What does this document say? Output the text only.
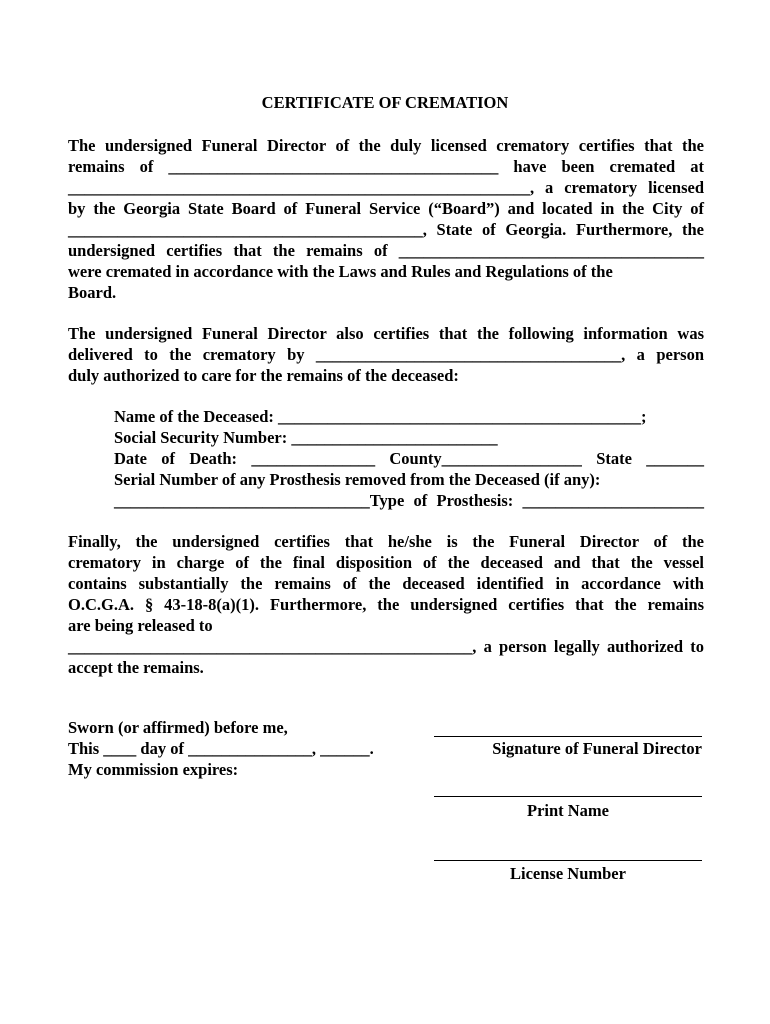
CERTIFICATE OF CREMATION
The undersigned Funeral Director of the duly licensed crematory certifies that the
remains of ________________________________________ have been cremated at
________________________________________________________, a crematory licensed
by the Georgia State Board of Funeral Service (“Board”) and located in the City of
___________________________________________, State of Georgia. Furthermore, the
undersigned certifies that the remains of _____________________________________
were cremated in accordance with the Laws and Rules and Regulations of the
Board.
The undersigned Funeral Director also certifies that the following information was
delivered to the crematory by _____________________________________, a person
duly authorized to care for the remains of the deceased:
Name of the Deceased: ____________________________________________;
Social Security Number: _________________________
Date of Death: _______________ County_________________ State _______
Serial Number of any Prosthesis removed from the Deceased (if any):
_______________________________Type of Prosthesis: ______________________
Finally, the undersigned certifies that he/she is the Funeral Director of the
crematory in charge of the final disposition of the deceased and that the vessel
contains substantially the remains of the deceased identified in accordance with
O.C.G.A. § 43-18-8(a)(1). Furthermore, the undersigned certifies that the remains
are being released to
_________________________________________________, a person legally authorized to
accept the remains.
Sworn (or affirmed) before me,
This ____ day of _______________, ______.
My commission expires:
Signature of Funeral Director
Print Name
License Number
